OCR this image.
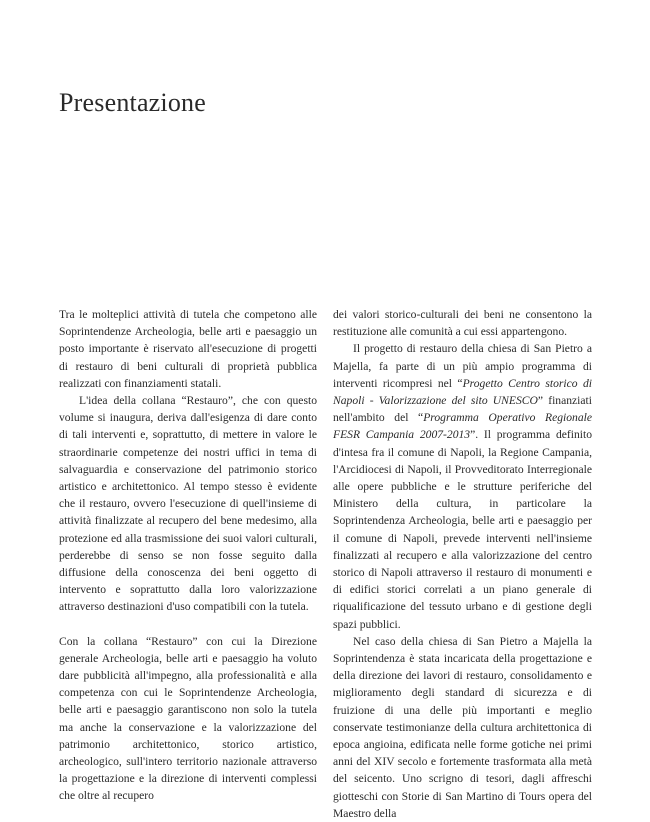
Presentazione

Tra le molteplici attività di tutela che competono alle Soprintendenze Archeologia, belle arti e paesaggio un posto importante è riservato all'esecuzione di progetti di restauro di beni culturali di proprietà pubblica realizzati con finanziamenti statali.

L'idea della collana “Restauro”, che con questo volume si inaugura, deriva dall'esigenza di dare conto di tali interventi e, soprattutto, di mettere in valore le straordinarie competenze dei nostri uffici in tema di salvaguardia e conservazione del patrimonio storico artistico e architettonico. Al tempo stesso è evidente che il restauro, ovvero l'esecuzione di quell'insieme di attività finalizzate al recupero del bene medesimo, alla protezione ed alla trasmissione dei suoi valori culturali, perderebbe di senso se non fosse seguito dalla diffusione della conoscenza dei beni oggetto di intervento e soprattutto dalla loro valorizzazione attraverso destinazioni d'uso compatibili con la tutela.

Con la collana “Restauro” con cui la Direzione generale Archeologia, belle arti e paesaggio ha voluto dare pubblicità all'impegno, alla professionalità e alla competenza con cui le Soprintendenze Archeologia, belle arti e paesaggio garantiscono non solo la tutela ma anche la conservazione e la valorizzazione del patrimonio architettonico, storico artistico, archeologico, sull'intero territorio nazionale attraverso la progettazione e la direzione di interventi complessi che oltre al recupero

dei valori storico-culturali dei beni ne consentono la restituzione alle comunità a cui essi appartengono.

Il progetto di restauro della chiesa di San Pietro a Majella, fa parte di un più ampio programma di interventi ricompresi nel “Progetto Centro storico di Napoli - Valorizzazione del sito UNESCO” finanziati nell'ambito del “Programma Operativo Regionale FESR Campania 2007-2013”. Il programma definito d'intesa fra il comune di Napoli, la Regione Campania, l'Arcidiocesi di Napoli, il Provveditorato Interregionale alle opere pubbliche e le strutture periferiche del Ministero della cultura, in particolare la Soprintendenza Archeologia, belle arti e paesaggio per il comune di Napoli, prevede interventi nell'insieme finalizzati al recupero e alla valorizzazione del centro storico di Napoli attraverso il restauro di monumenti e di edifici storici correlati a un piano generale di riqualificazione del tessuto urbano e di gestione degli spazi pubblici.

Nel caso della chiesa di San Pietro a Majella la Soprintendenza è stata incaricata della progettazione e della direzione dei lavori di restauro, consolidamento e miglioramento degli standard di sicurezza e di fruizione di una delle più importanti e meglio conservate testimonianze della cultura architettonica di epoca angioina, edificata nelle forme gotiche nei primi anni del XIV secolo e fortemente trasformata alla metà del seicento. Uno scrigno di tesori, dagli affreschi giotteschi con Storie di San Martino di Tours opera del Maestro della
